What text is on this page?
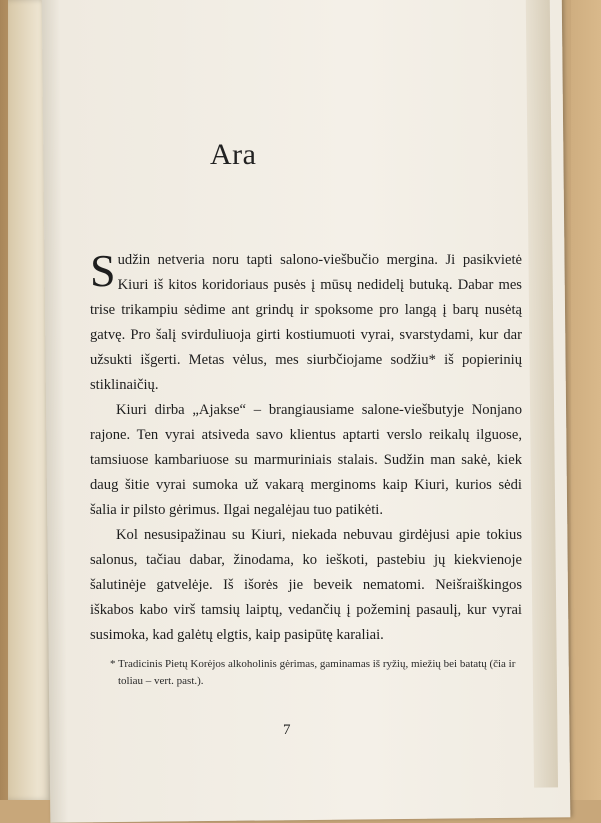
Ara

Sudžin netveria noru tapti salono-viešbučio mergina. Ji pasikvietė Kiuri iš kitos koridoriaus pusės į mūsų nedidelį butuką. Dabar mes trise trikampiu sėdime ant grindų ir spoksome pro langą į barų nusėtą gatvę. Pro šalį svirduliuoja girti kostiumuoti vyrai, svarstydami, kur dar užsukti išgerti. Metas vėlus, mes siurbčiojame sodžiu* iš popierinių stiklinaičių.

Kiuri dirba „Ajakse“ – brangiausiame salone-viešbutyje Nonjano rajone. Ten vyrai atsiveda savo klientus aptarti verslo reikalų ilguose, tamsiuose kambariuose su marmuriniais stalais. Sudžin man sakė, kiek daug šitie vyrai sumoka už vakarą merginoms kaip Kiuri, kurios sėdi šalia ir pilsto gėrimus. Ilgai negalėjau tuo patikėti.

Kol nesusipažinau su Kiuri, niekada nebuvau girdėjusi apie tokius salonus, tačiau dabar, žinodama, ko ieškoti, pastebiu jų kiekvienoje šalutinėje gatvelėje. Iš išorės jie beveik nematomi. Neišraiškingos iškabos kabo virš tamsių laiptų, vedančių į požeminį pasaulį, kur vyrai susimoka, kad galėtų elgtis, kaip pasipūtę karaliai.

* Tradicinis Pietų Korėjos alkoholinis gėrimas, gaminamas iš ryžių, miežių bei batatų (čia ir toliau – vert. past.).
7
